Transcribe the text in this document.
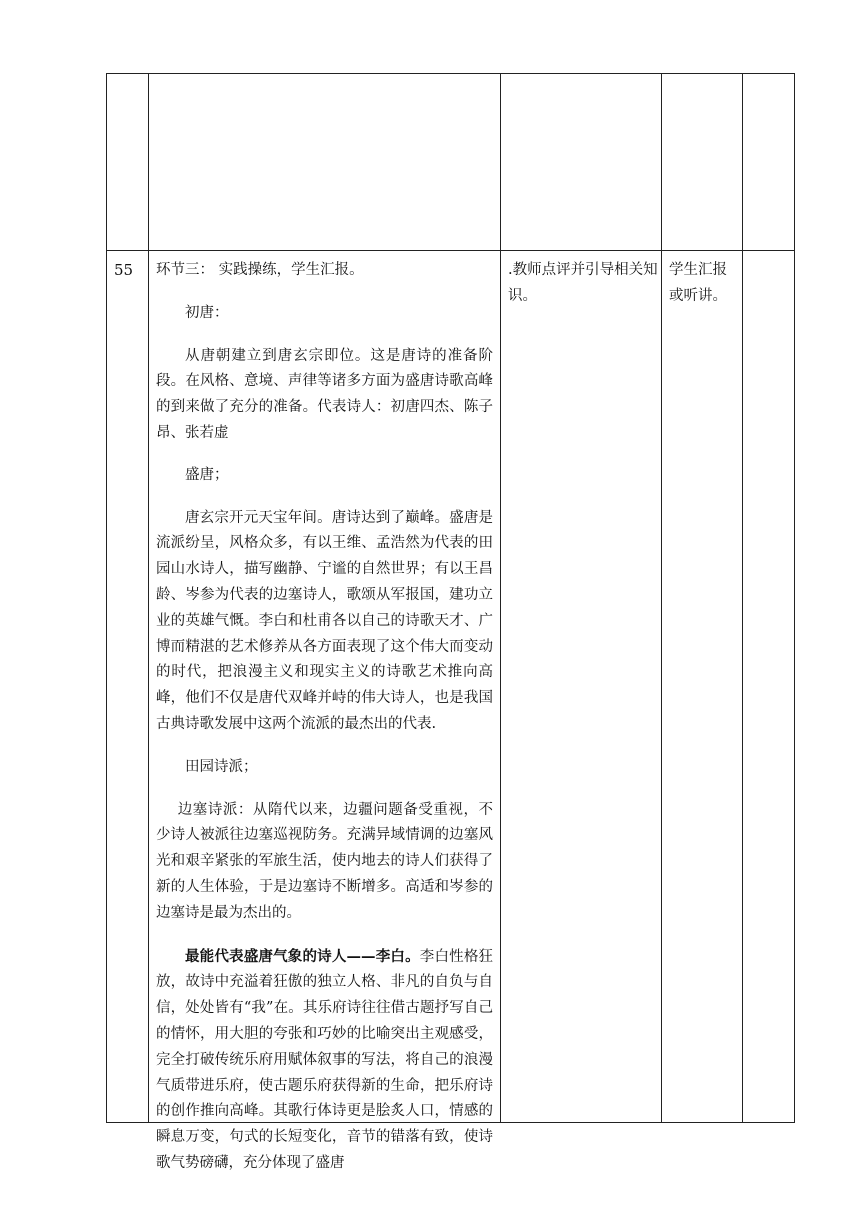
55	环节三： 实践操练，学生汇报。

初唐：

从唐朝建立到唐玄宗即位。这是唐诗的准备阶段。在风格、意境、声律等诸多方面为盛唐诗歌高峰的到来做了充分的准备。代表诗人：初唐四杰、陈子昂、张若虚

盛唐；

唐玄宗开元天宝年间。唐诗达到了巅峰。盛唐是流派纷呈，风格众多，有以王维、孟浩然为代表的田园山水诗人，描写幽静、宁谧的自然世界；有以王昌龄、岑参为代表的边塞诗人，歌颂从军报国，建功立业的英雄气慨。李白和杜甫各以自己的诗歌天才、广博而精湛的艺术修养从各方面表现了这个伟大而变动的时代，把浪漫主义和现实主义的诗歌艺术推向高峰，他们不仅是唐代双峰并峙的伟大诗人，也是我国古典诗歌发展中这两个流派的最杰出的代表.

田园诗派；

边塞诗派：从隋代以来，边疆问题备受重视，不少诗人被派往边塞巡视防务。充满异域情调的边塞风光和艰辛紧张的军旅生活，使内地去的诗人们获得了新的人生体验，于是边塞诗不断增多。高适和岑参的边塞诗是最为杰出的。

最能代表盛唐气象的诗人——李白。李白性格狂放，故诗中充溢着狂傲的独立人格、非凡的自负与自信，处处皆有“我”在。其乐府诗往往借古题抒写自己的情怀，用大胆的夸张和巧妙的比喻突出主观感受，完全打破传统乐府用赋体叙事的写法，将自己的浪漫气质带进乐府，使古题乐府获得新的生命，把乐府诗的创作推向高峰。其歌行体诗更是脍炙人口，情感的瞬息万变，句式的长短变化，音节的错落有致，使诗歌气势磅礴，充分体现了盛唐

.教师点评并引导相关知识。
学生汇报或听讲。
